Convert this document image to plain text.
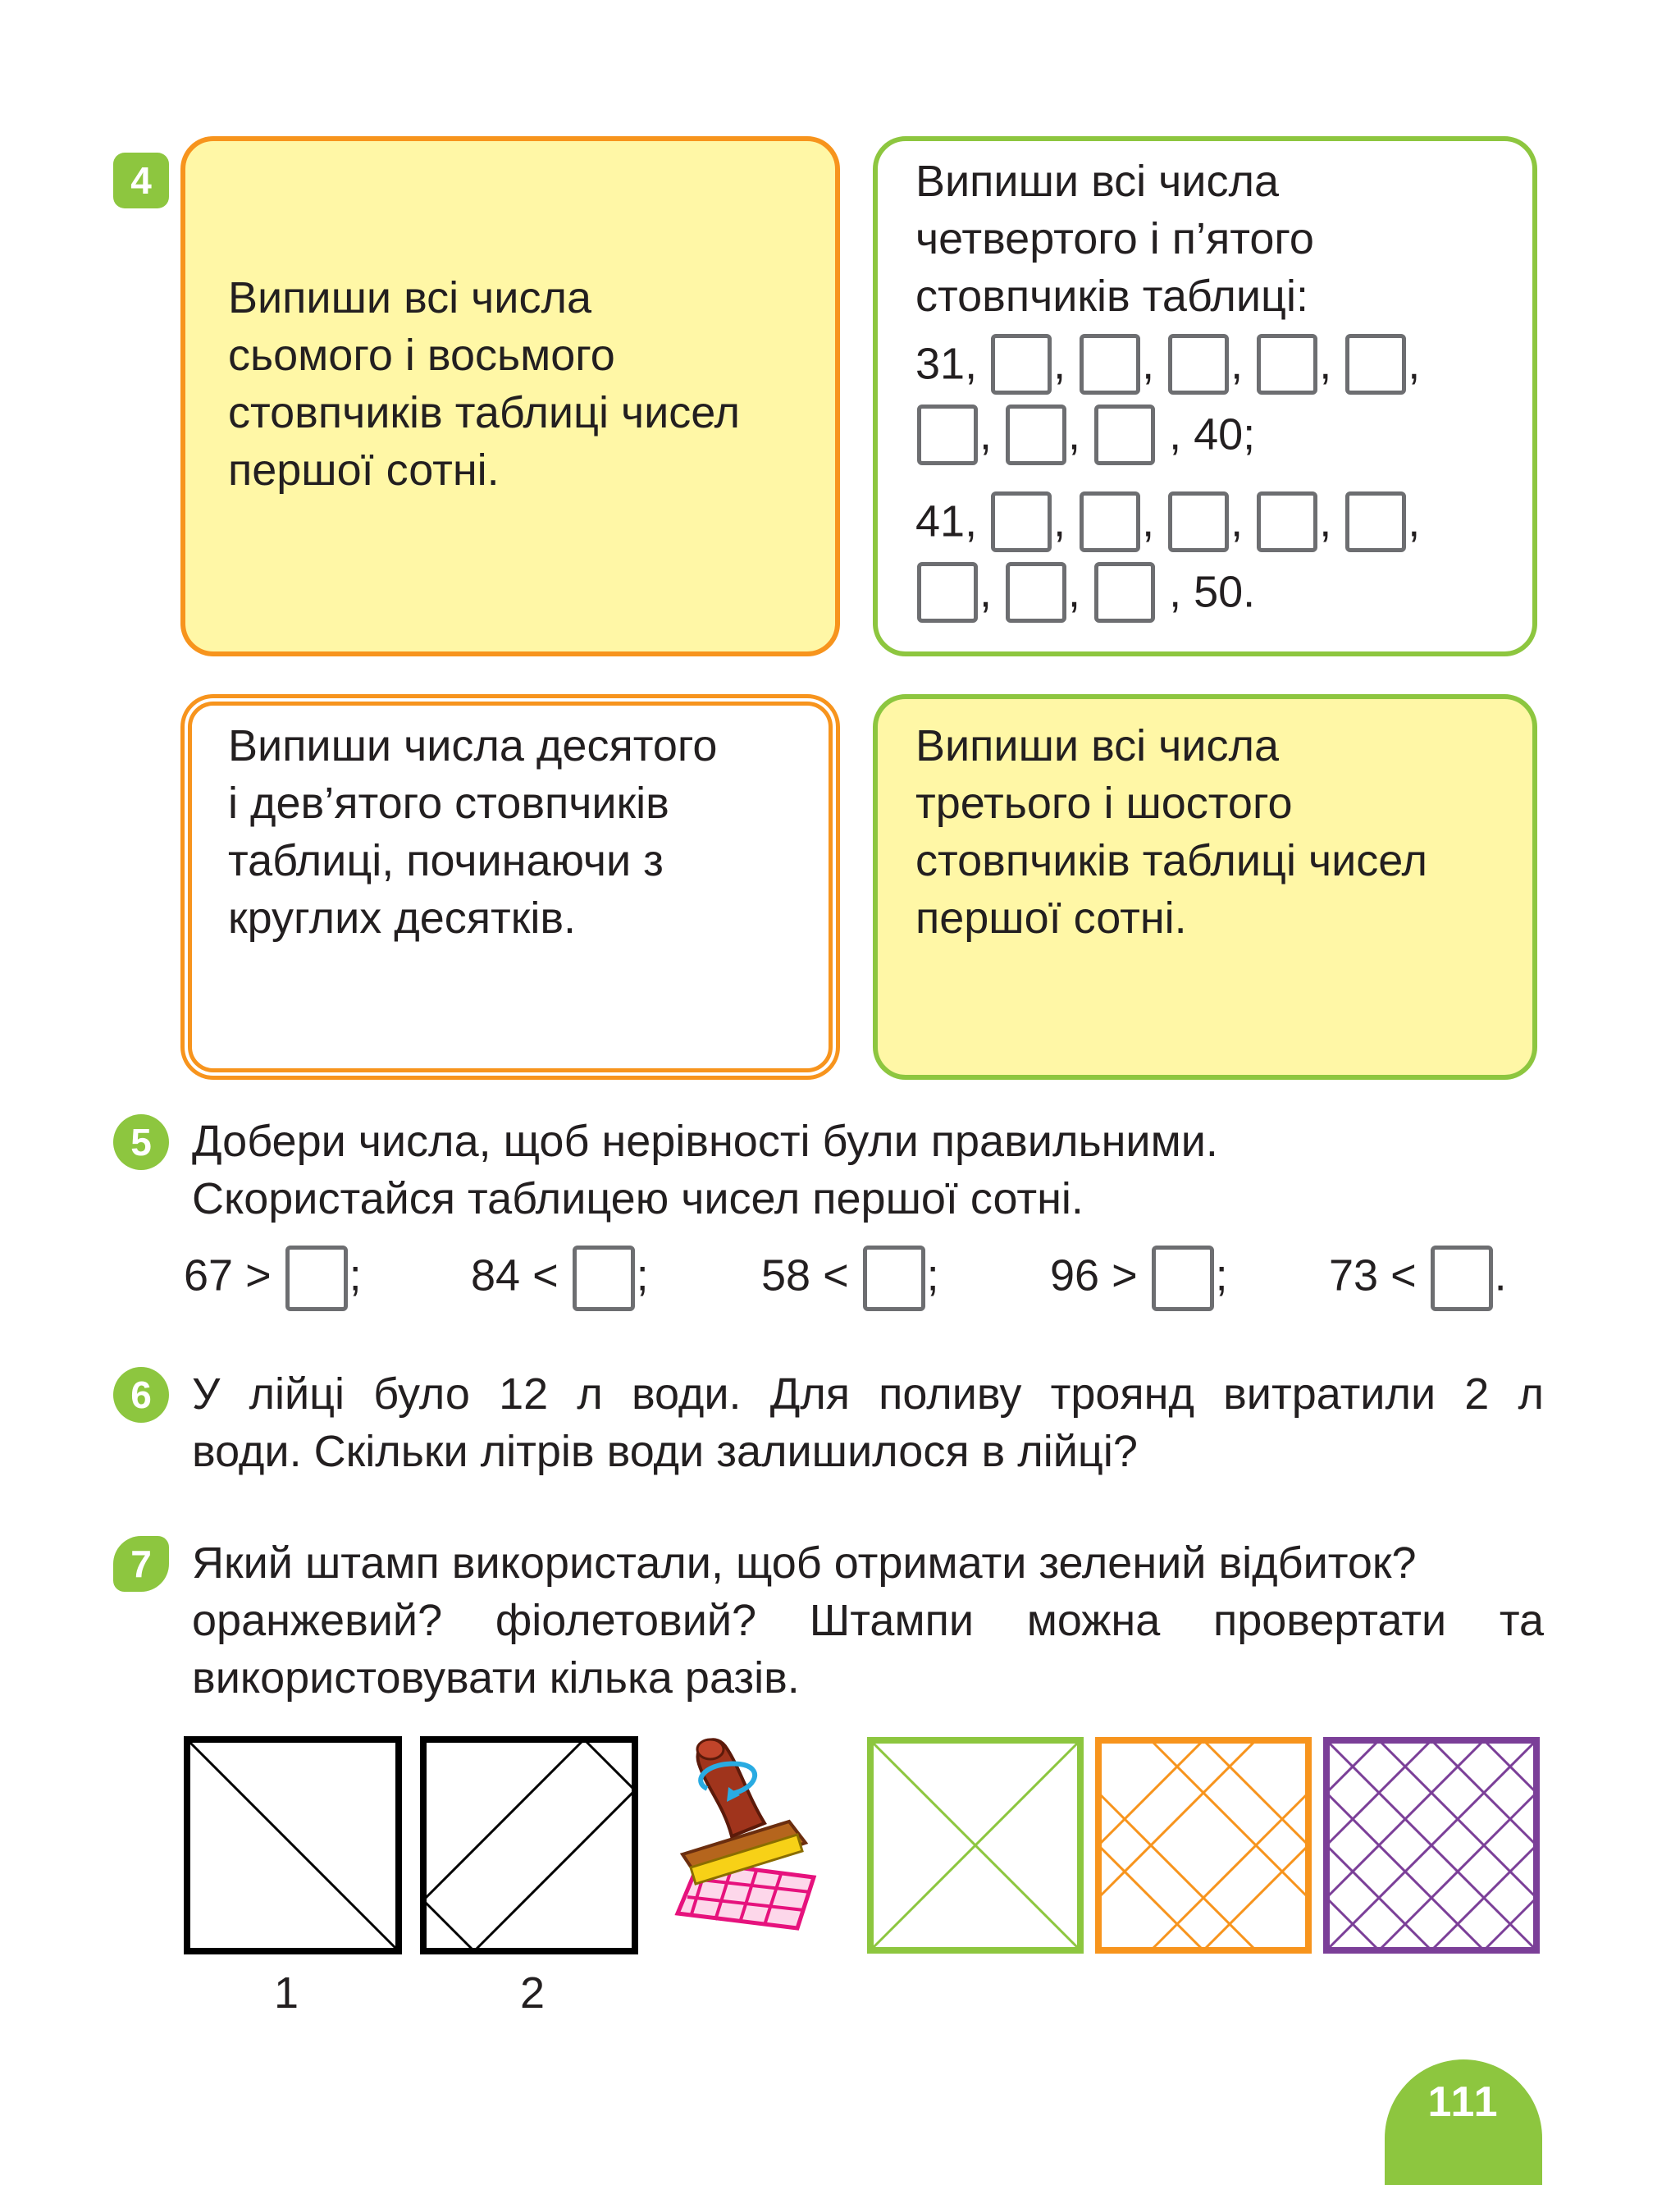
4
Випиши всі числа
сьомого і восьмого
стовпчиків таблиці чисел
першої сотні.
Випиши всі числа
четвертого і п’ятого
стовпчиків таблиці:
31, , , , , ,
, , , 40;
41, , , , , ,
, , , 50.
Випиши числа десятого
і дев’ятого стовпчиків
таблиці, починаючи з
круглих десятків.
Випиши всі числа
третього і шостого
стовпчиків таблиці чисел
першої сотні.
5 Добери числа, щоб нерівності були правильними.
Скористайся таблицею чисел першої сотні.
67 > ; 84 < ;	58 < ;	96 > ; 73 < .
6 У лійці було 12 л води. Для поливу троянд витратили 2 л
води. Скільки літрів води залишилося в лійці?
7 Який штамп використали, щоб отримати зелений відбиток?
оранжевий? фіолетовий? Штампи можна провертати та
використовувати кілька разів.
1	2
111
